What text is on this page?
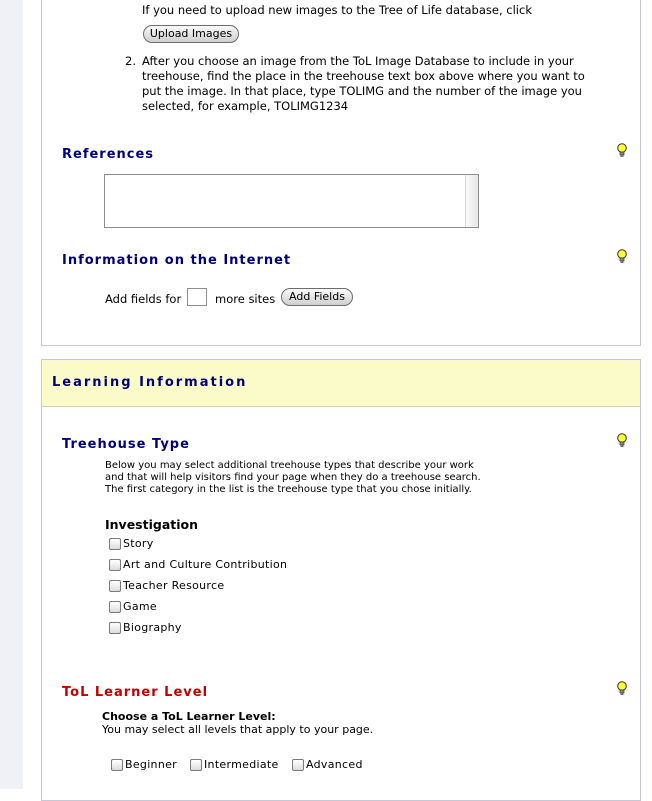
If you need to upload new images to the Tree of Life database, click
Upload Images
2. After you choose an image from the ToL Image Database to include in your
treehouse, find the place in the treehouse text box above where you want to
put the image. In that place, type TOLIMG and the number of the image you
selected, for example, TOLIMG1234
References
Information on the Internet
Add fields for	more sites	Add Fields
Learning Information
Treehouse Type
Below you may select additional treehouse types that describe your work
and that will help visitors find your page when they do a treehouse search.
The first category in the list is the treehouse type that you chose initially.
Investigation
Story
Art and Culture Contribution
Teacher Resource
Game
Biography
ToL Learner Level
Choose a ToL Learner Level:
You may select all levels that apply to your page.
Beginner Intermediate Advanced
